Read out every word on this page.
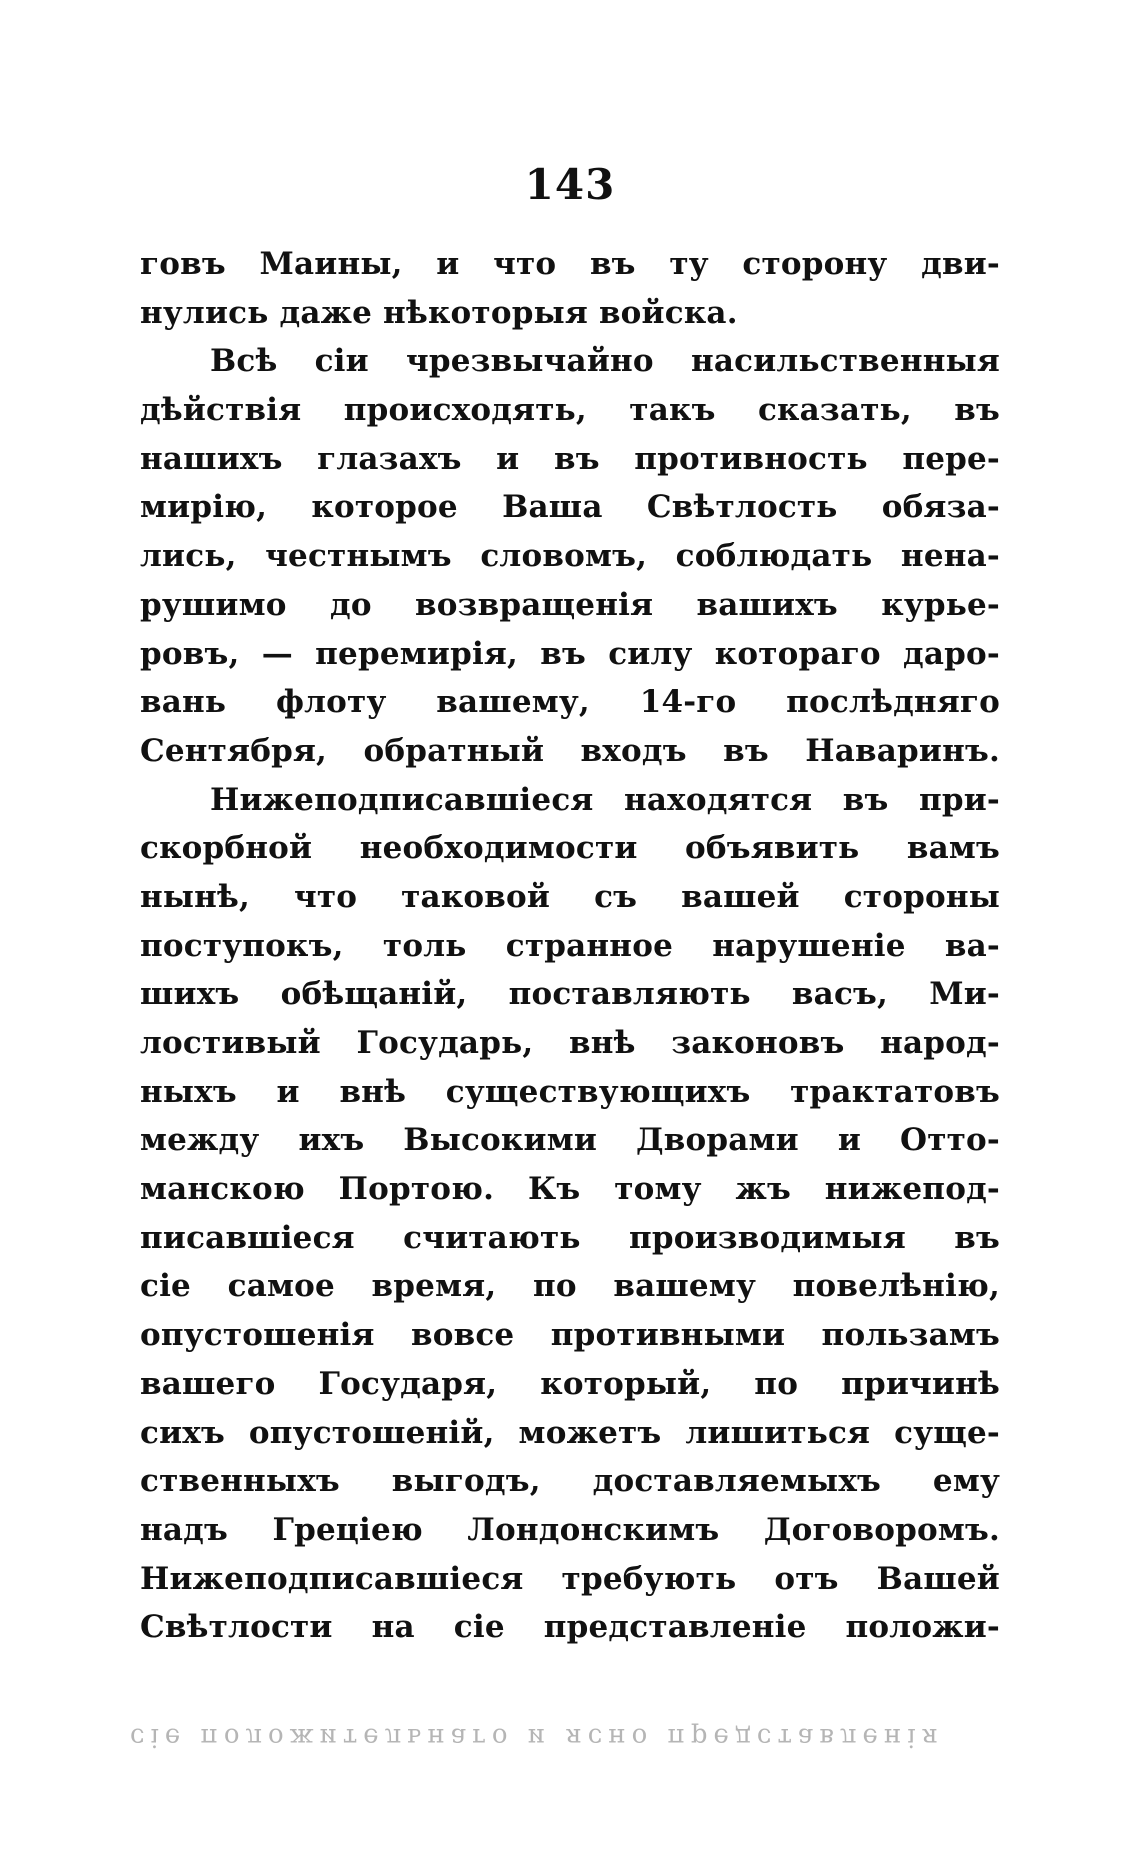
143
говъ Маины, и что въ ту сторону дви-
нулись даже нѣкоторыя войска.
Всѣ сіи чрезвычайно насильственныя
дѣйствія происходять, такъ сказать, въ
нашихъ глазахъ и въ противность пере-
мирію, которое Ваша Свѣтлость обяза-
лись, честнымъ словомъ, соблюдать нена-
рушимо до возвращенія вашихъ курье-
ровъ, — перемирія, въ силу котораго даро-
вань флоту вашему, 14-го послѣдняго
Сентября, обратный входъ въ Наваринъ.
Нижеподписавшіеся находятся въ при-
скорбной необходимости объявить вамъ
нынѣ, что таковой съ вашей стороны
поступокъ, толь странное нарушеніе ва-
шихъ обѣщаній, поставляють васъ, Ми-
лостивый Государь, внѣ законовъ народ-
ныхъ и внѣ существующихъ трактатовъ
между ихъ Высокими Дворами и Отто-
манскою Портою. Къ тому жъ нижепод-
писавшіеся считають производимыя въ
сіе самое время, по вашему повелѣнію,
опустошенія вовсе противными пользамъ
вашего Государя, который, по причинѣ
сихъ опустошеній, можетъ лишиться суще-
ственныхъ выгодъ, доставляемыхъ ему
надъ Греціею Лондонскимъ Договоромъ.
Нижеподписавшіеся требують отъ Вашей
Свѣтлости на сіе представленіе положи-
сіе положительнаго и ясно представленія
